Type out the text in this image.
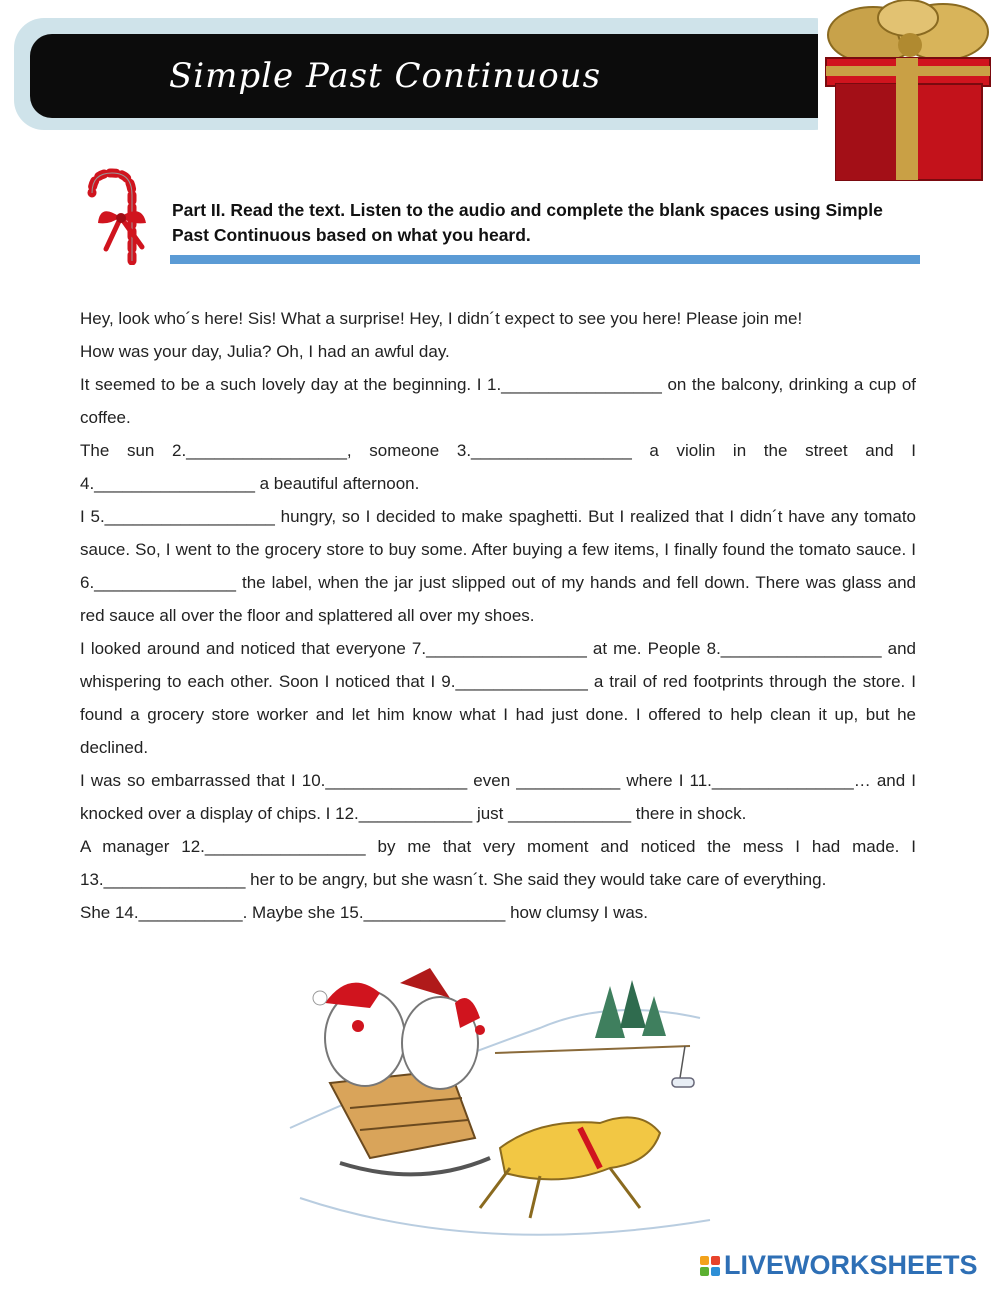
Simple Past Continuous
Part II. Read the text. Listen to the audio and complete the blank spaces using Simple Past Continuous based on what you heard.

Hey, look who´s here! Sis! What a surprise! Hey, I didn´t expect to see you here! Please join me!

How was your day, Julia? Oh, I had an awful day.

It seemed to be a such lovely day at the beginning. I 1._________________ on the balcony, drinking a cup of coffee.

The sun 2._________________, someone 3._________________ a violin in the street and I 4._________________ a beautiful afternoon.

I 5.__________________ hungry, so I decided to make spaghetti. But I realized that I didn´t have any tomato sauce. So, I went to the grocery store to buy some. After buying a few items, I finally found the tomato sauce. I 6._______________ the label, when the jar just slipped out of my hands and fell down. There was glass and red sauce all over the floor and splattered all over my shoes.

I looked around and noticed that everyone 7._________________ at me. People 8._________________ and whispering to each other. Soon I noticed that I 9.______________ a trail of red footprints through the store. I found a grocery store worker and let him know what I had just done. I offered to help clean it up, but he declined.

I was so embarrassed that I 10._______________ even ___________ where I 11._______________… and I knocked over a display of chips. I 12.____________ just _____________ there in shock.

A manager 12._________________ by me that very moment and noticed the mess I had made. I 13._______________ her to be angry, but she wasn´t. She said they would take care of everything.

She 14.___________. Maybe she 15._______________ how clumsy I was.

LIVEWORKSHEETS
